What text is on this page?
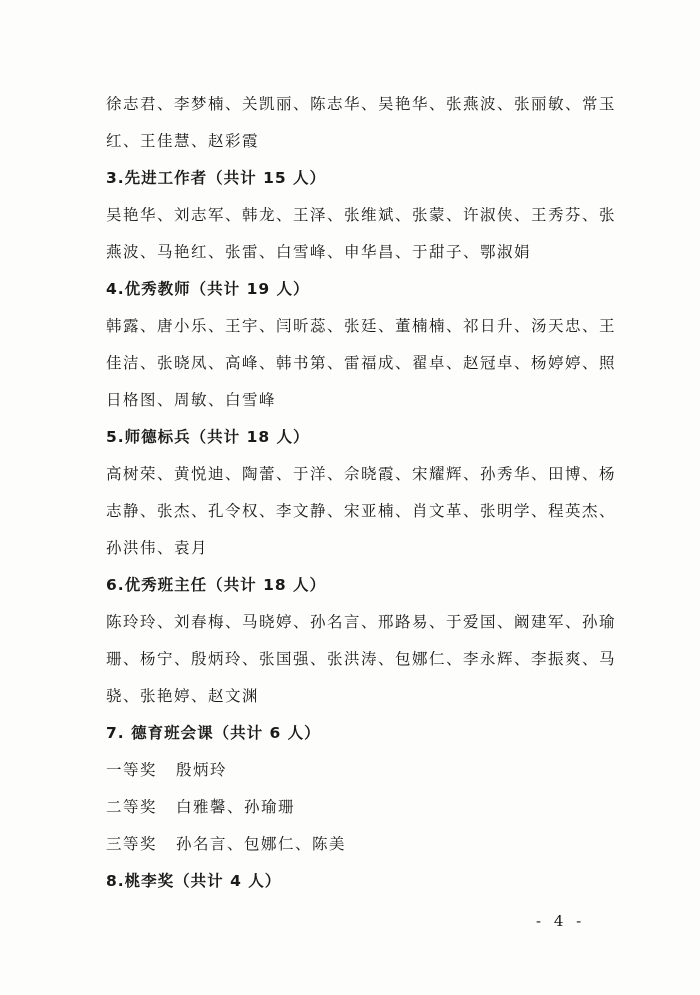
徐志君、李梦楠、关凯丽、陈志华、吴艳华、张燕波、张丽敏、常玉
红、王佳慧、赵彩霞
3.先进工作者（共计 15 人）
吴艳华、刘志军、韩龙、王泽、张维斌、张蒙、许淑侠、王秀芬、张
燕波、马艳红、张雷、白雪峰、申华昌、于甜子、鄂淑娟
4.优秀教师（共计 19 人）
韩露、唐小乐、王宇、闫昕蕊、张廷、董楠楠、祁日升、汤天忠、王
佳洁、张晓凤、高峰、韩书第、雷福成、翟卓、赵冠卓、杨婷婷、照
日格图、周敏、白雪峰
5.师德标兵（共计 18 人）
高树荣、黄悦迪、陶蕾、于洋、佘晓霞、宋耀辉、孙秀华、田博、杨
志静、张杰、孔令权、李文静、宋亚楠、肖文革、张明学、程英杰、
孙洪伟、袁月
6.优秀班主任（共计 18 人）
陈玲玲、刘春梅、马晓婷、孙名言、邢路易、于爱国、阚建军、孙瑜
珊、杨宁、殷炳玲、张国强、张洪涛、包娜仁、李永辉、李振爽、马
骁、张艳婷、赵文渊
7. 德育班会课（共计 6 人）
一等奖 殷炳玲
二等奖 白雅馨、孙瑜珊
三等奖 孙名言、包娜仁、陈美
8.桃李奖（共计 4 人）
- 4 -
